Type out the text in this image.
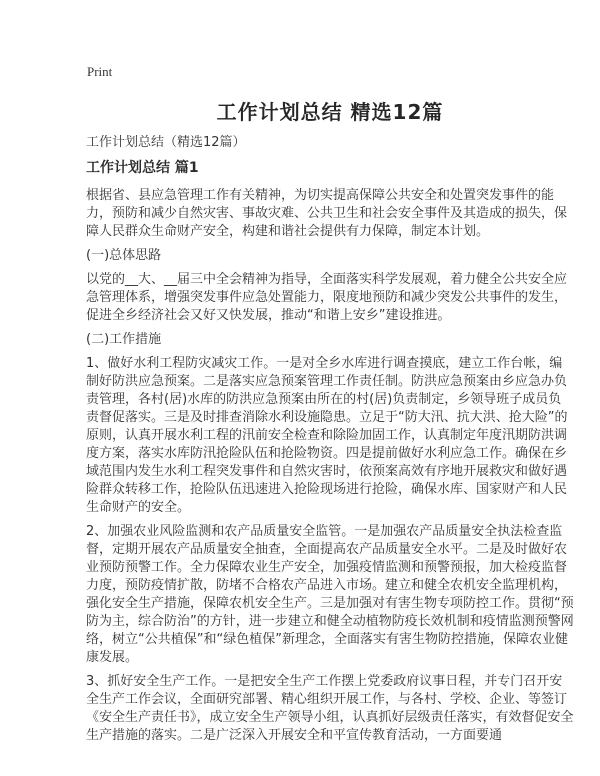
Print
工作计划总结 精选12篇

工作计划总结（精选12篇）

工作计划总结 篇1

根据省、县应急管理工作有关精神，为切实提高保障公共安全和处置突发事件的能力，预防和减少自然灾害、事故灾难、公共卫生和社会安全事件及其造成的损失，保障人民群众生命财产安全，构建和谐社会提供有力保障，制定本计划。

(一)总体思路

以党的__大、__届三中全会精神为指导，全面落实科学发展观，着力健全公共安全应急管理体系，增强突发事件应急处置能力，限度地预防和减少突发公共事件的发生，促进全乡经济社会又好又快发展，推动“和谐上安乡”建设推进。

(二)工作措施

1、做好水利工程防灾减灾工作。一是对全乡水库进行调查摸底，建立工作台帐，编制好防洪应急预案。二是落实应急预案管理工作责任制。防洪应急预案由乡应急办负责管理，各村(居)水库的防洪应急预案由所在的村(居)负责制定，乡领导班子成员负责督促落实。三是及时排查消除水利设施隐患。立足于“防大汛、抗大洪、抢大险”的原则，认真开展水利工程的汛前安全检查和除险加固工作，认真制定年度汛期防洪调度方案，落实水库防汛抢险队伍和抢险物资。四是提前做好水利应急工作。确保在乡域范围内发生水利工程突发事件和自然灾害时，依预案高效有序地开展救灾和做好遇险群众转移工作，抢险队伍迅速进入抢险现场进行抢险，确保水库、国家财产和人民生命财产的安全。

2、加强农业风险监测和农产品质量安全监管。一是加强农产品质量安全执法检查监督，定期开展农产品质量安全抽查，全面提高农产品质量安全水平。二是及时做好农业预防预警工作。全力保障农业生产安全，加强疫情监测和预警预报，加大检疫监督力度，预防疫情扩散，防堵不合格农产品进入市场。建立和健全农机安全监理机构，强化安全生产措施，保障农机安全生产。三是加强对有害生物专项防控工作。贯彻“预防为主，综合防治”的方针，进一步建立和健全动植物防疫长效机制和疫情监测预警网络，树立“公共植保”和“绿色植保”新理念，全面落实有害生物防控措施，保障农业健康发展。

3、抓好安全生产工作。一是把安全生产工作摆上党委政府议事日程，并专门召开安全生产工作会议，全面研究部署、精心组织开展工作，与各村、学校、企业、等签订《安全生产责任书》，成立安全生产领导小组，认真抓好层级责任落实，有效督促安全生产措施的落实。二是广泛深入开展安全和平宣传教育活动，一方面要通
